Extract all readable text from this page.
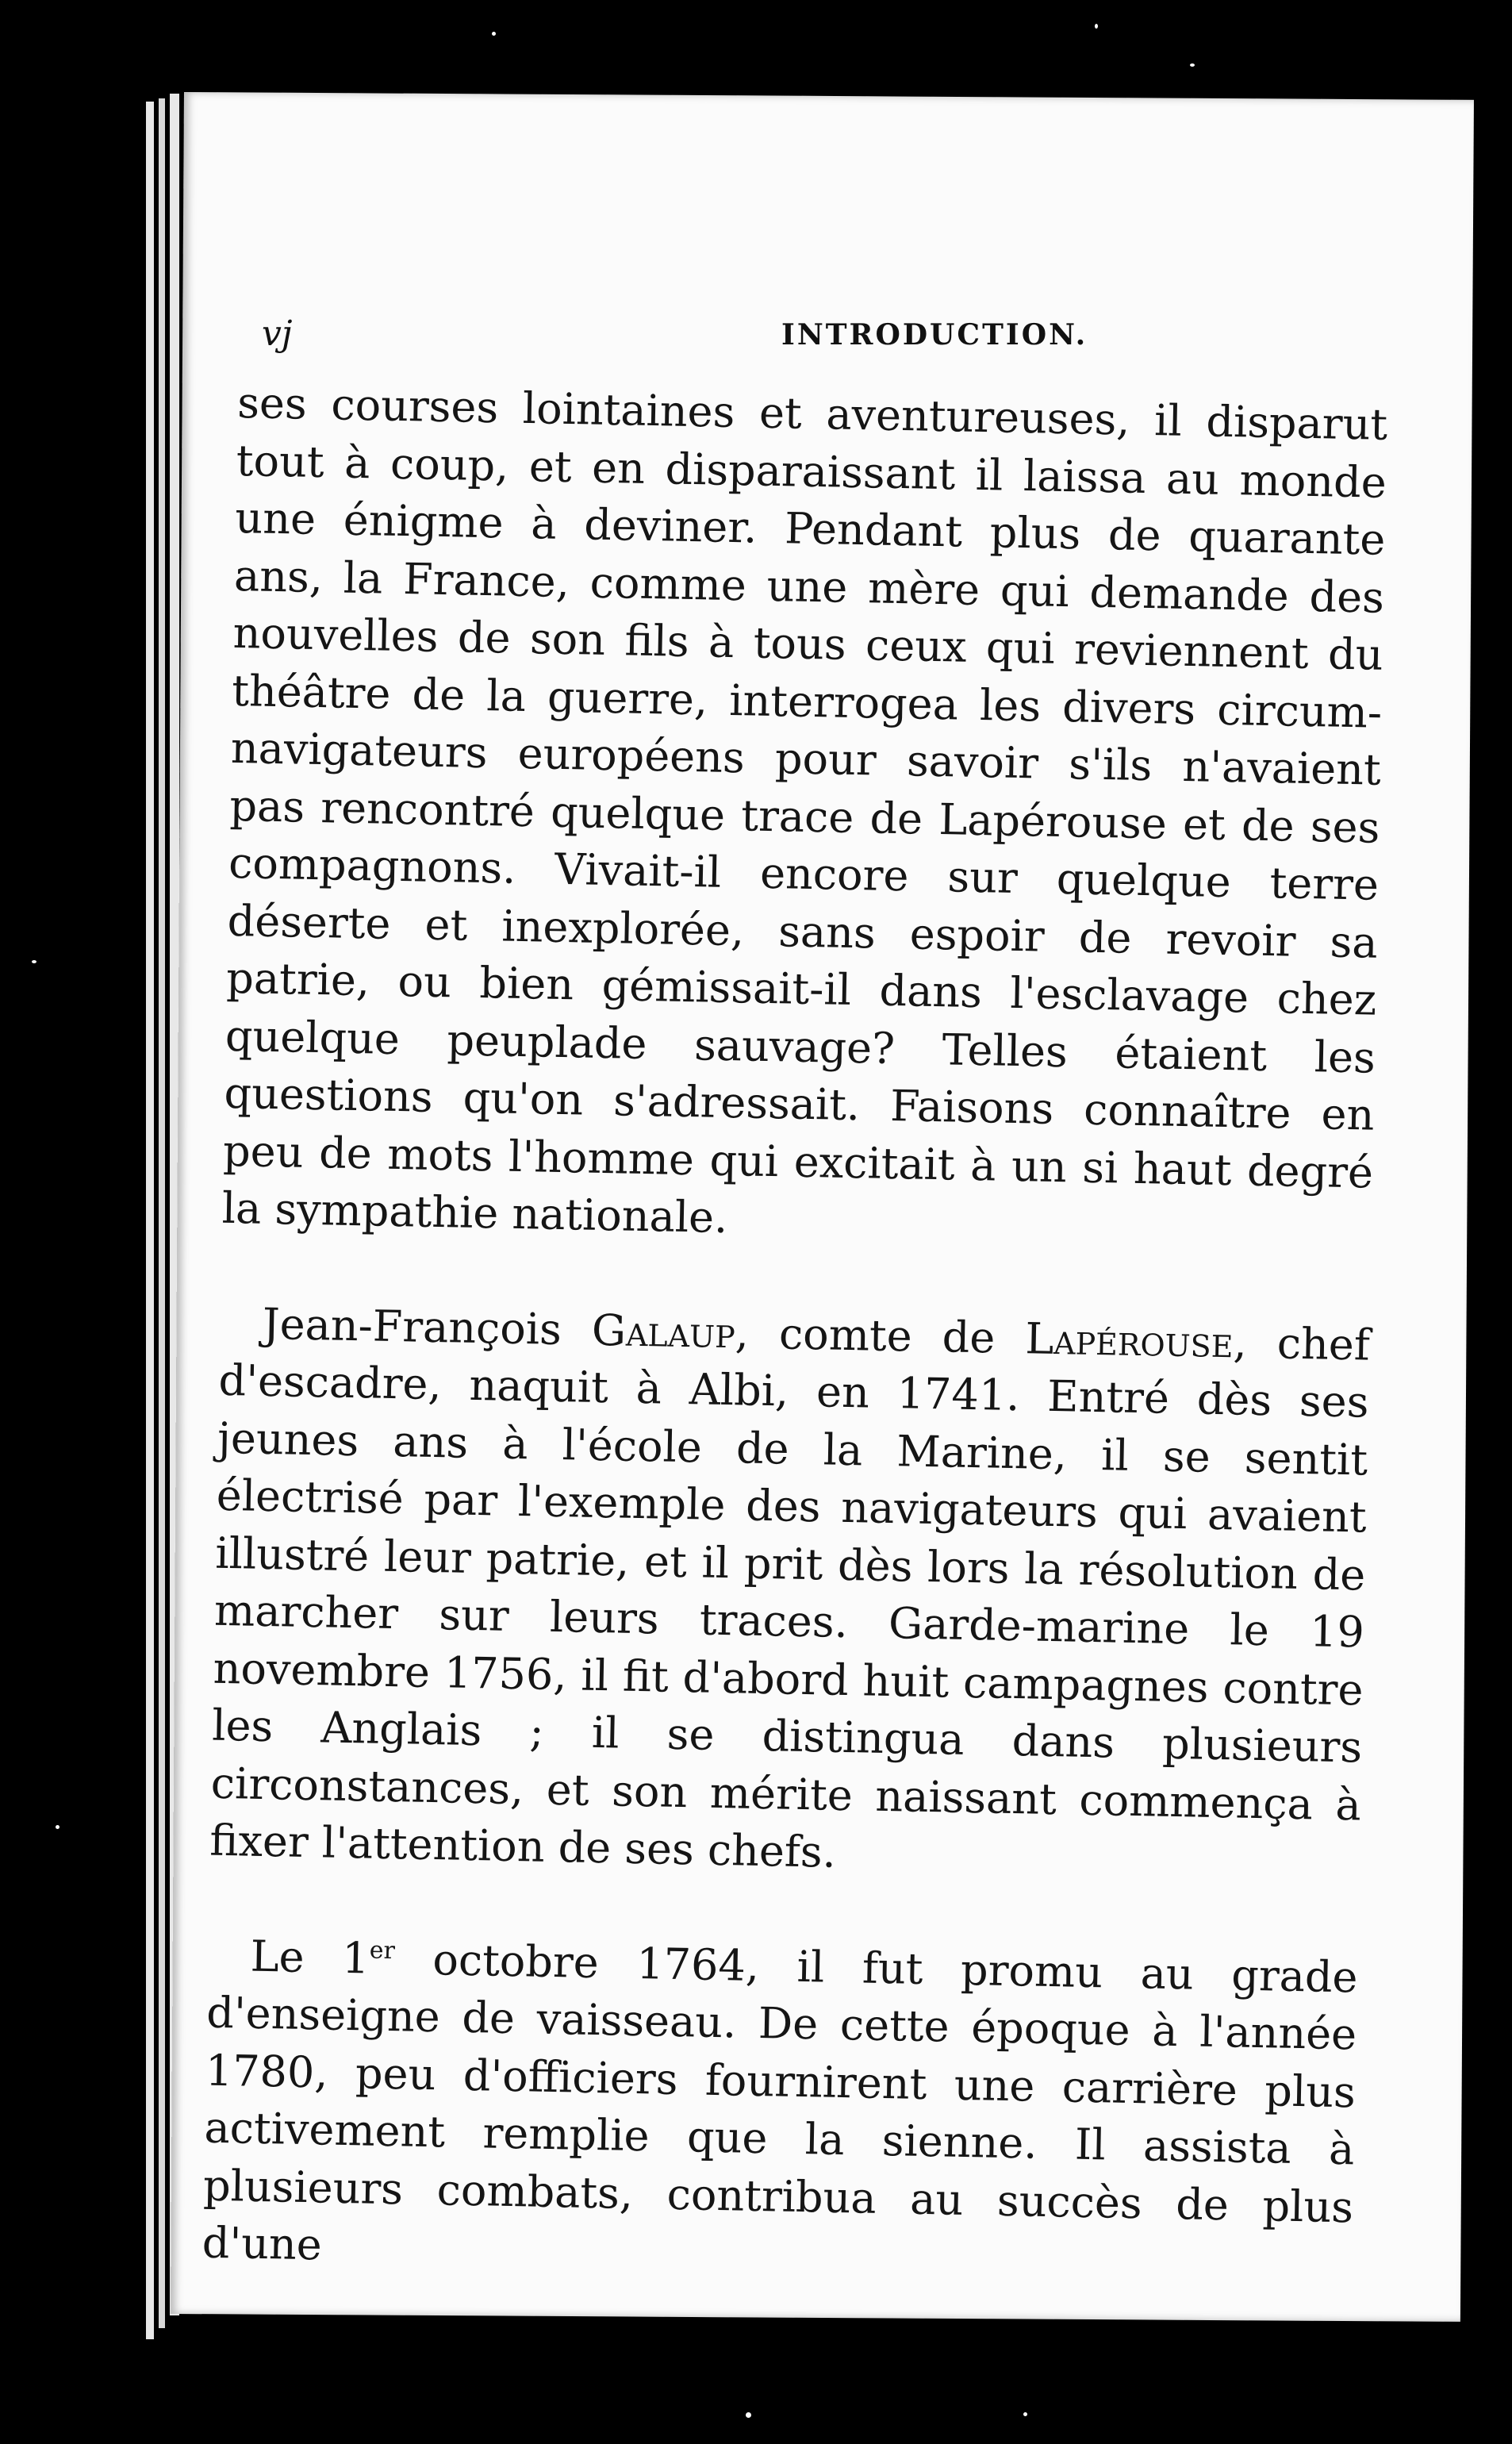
vj	INTRODUCTION.

ses courses lointaines et aventureuses, il disparut tout à coup, et en disparaissant il laissa au monde une énigme à deviner. Pendant plus de quarante ans, la France, comme une mère qui demande des nouvelles de son fils à tous ceux qui reviennent du théâtre de la guerre, interrogea les divers circum-navigateurs européens pour savoir s'ils n'avaient pas rencontré quelque trace de Lapérouse et de ses compagnons. Vivait-il encore sur quelque terre déserte et inexplorée, sans espoir de revoir sa patrie, ou bien gémissait-il dans l'esclavage chez quelque peuplade sauvage? Telles étaient les questions qu'on s'adressait. Faisons connaître en peu de mots l'homme qui excitait à un si haut degré la sympathie nationale.

Jean-François Galaup, comte de Lapérouse, chef d'escadre, naquit à Albi, en 1741. Entré dès ses jeunes ans à l'école de la Marine, il se sentit électrisé par l'exemple des navigateurs qui avaient illustré leur patrie, et il prit dès lors la résolution de marcher sur leurs traces. Garde-marine le 19 novembre 1756, il fit d'abord huit campagnes contre les Anglais ; il se distingua dans plusieurs circonstances, et son mérite naissant commença à fixer l'attention de ses chefs.

Le 1er octobre 1764, il fut promu au grade d'enseigne de vaisseau. De cette époque à l'année 1780, peu d'officiers fournirent une carrière plus activement remplie que la sienne. Il assista à plusieurs combats, contribua au succès de plus d'une
